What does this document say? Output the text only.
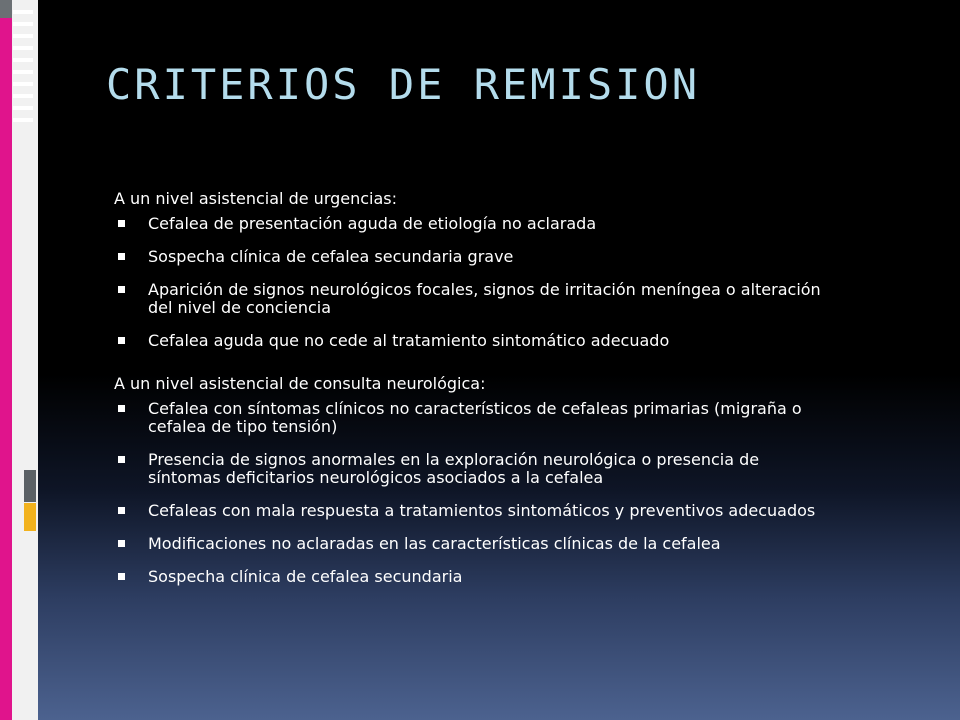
CRITERIOS DE REMISION

A un nivel asistencial de urgencias:

Cefalea de presentación aguda de etiología no aclarada
Sospecha clínica de cefalea secundaria grave
Aparición de signos neurológicos focales, signos de irritación meníngea o alteración del nivel de conciencia
Cefalea aguda que no cede al tratamiento sintomático adecuado

A un nivel asistencial de consulta neurológica:

Cefalea con síntomas clínicos no característicos de cefaleas primarias (migraña o cefalea de tipo tensión)
Presencia de signos anormales en la exploración neurológica o presencia de síntomas deficitarios neurológicos asociados a la cefalea
Cefaleas con mala respuesta a tratamientos sintomáticos y preventivos adecuados
Modificaciones no aclaradas en las características clínicas de la cefalea
Sospecha clínica de cefalea secundaria
